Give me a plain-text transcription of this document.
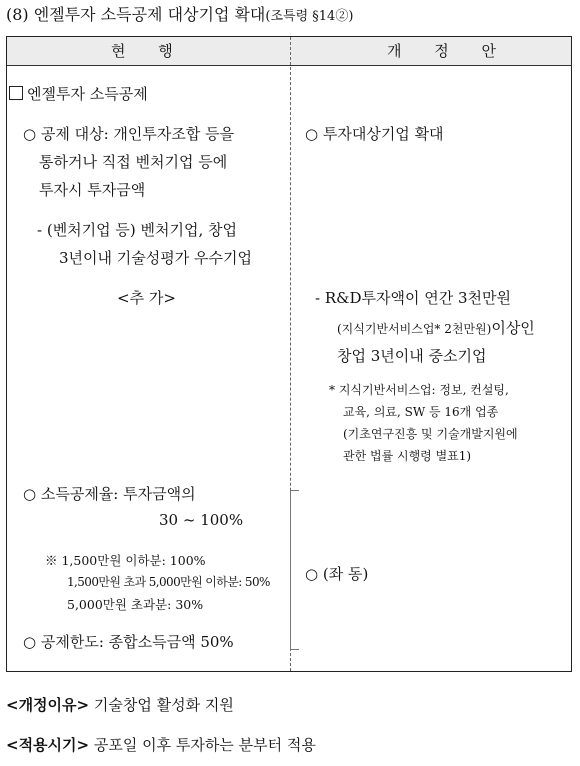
(8) 엔젤투자 소득공제 대상기업 확대(조특령 §14②)
현 행	개 정 안
엔젤투자 소득공제
○ 공제 대상: 개인투자조합 등을
통하거나 직접 벤처기업 등에
투자시 투자금액
- (벤처기업 등) 벤처기업, 창업
3년이내 기술성평가 우수기업
<추 가>
○ 소득공제율: 투자금액의
30 ~ 100%
※ 1,500만원 이하분: 100%
1,500만원 초과 5,000만원 이하분: 50%
5,000만원 초과분: 30%
○ 공제한도: 종합소득금액 50%
○ 투자대상기업 확대
- R&D투자액이 연간 3천만원
(지식기반서비스업* 2천만원)이상인
창업 3년이내 중소기업
* 지식기반서비스업: 정보, 컨설팅,
교육, 의료, SW 등 16개 업종
(기초연구진흥 및 기술개발지원에
관한 법률 시행령 별표1)
○ (좌 동)
<개정이유> 기술창업 활성화 지원
<적용시기> 공포일 이후 투자하는 분부터 적용
